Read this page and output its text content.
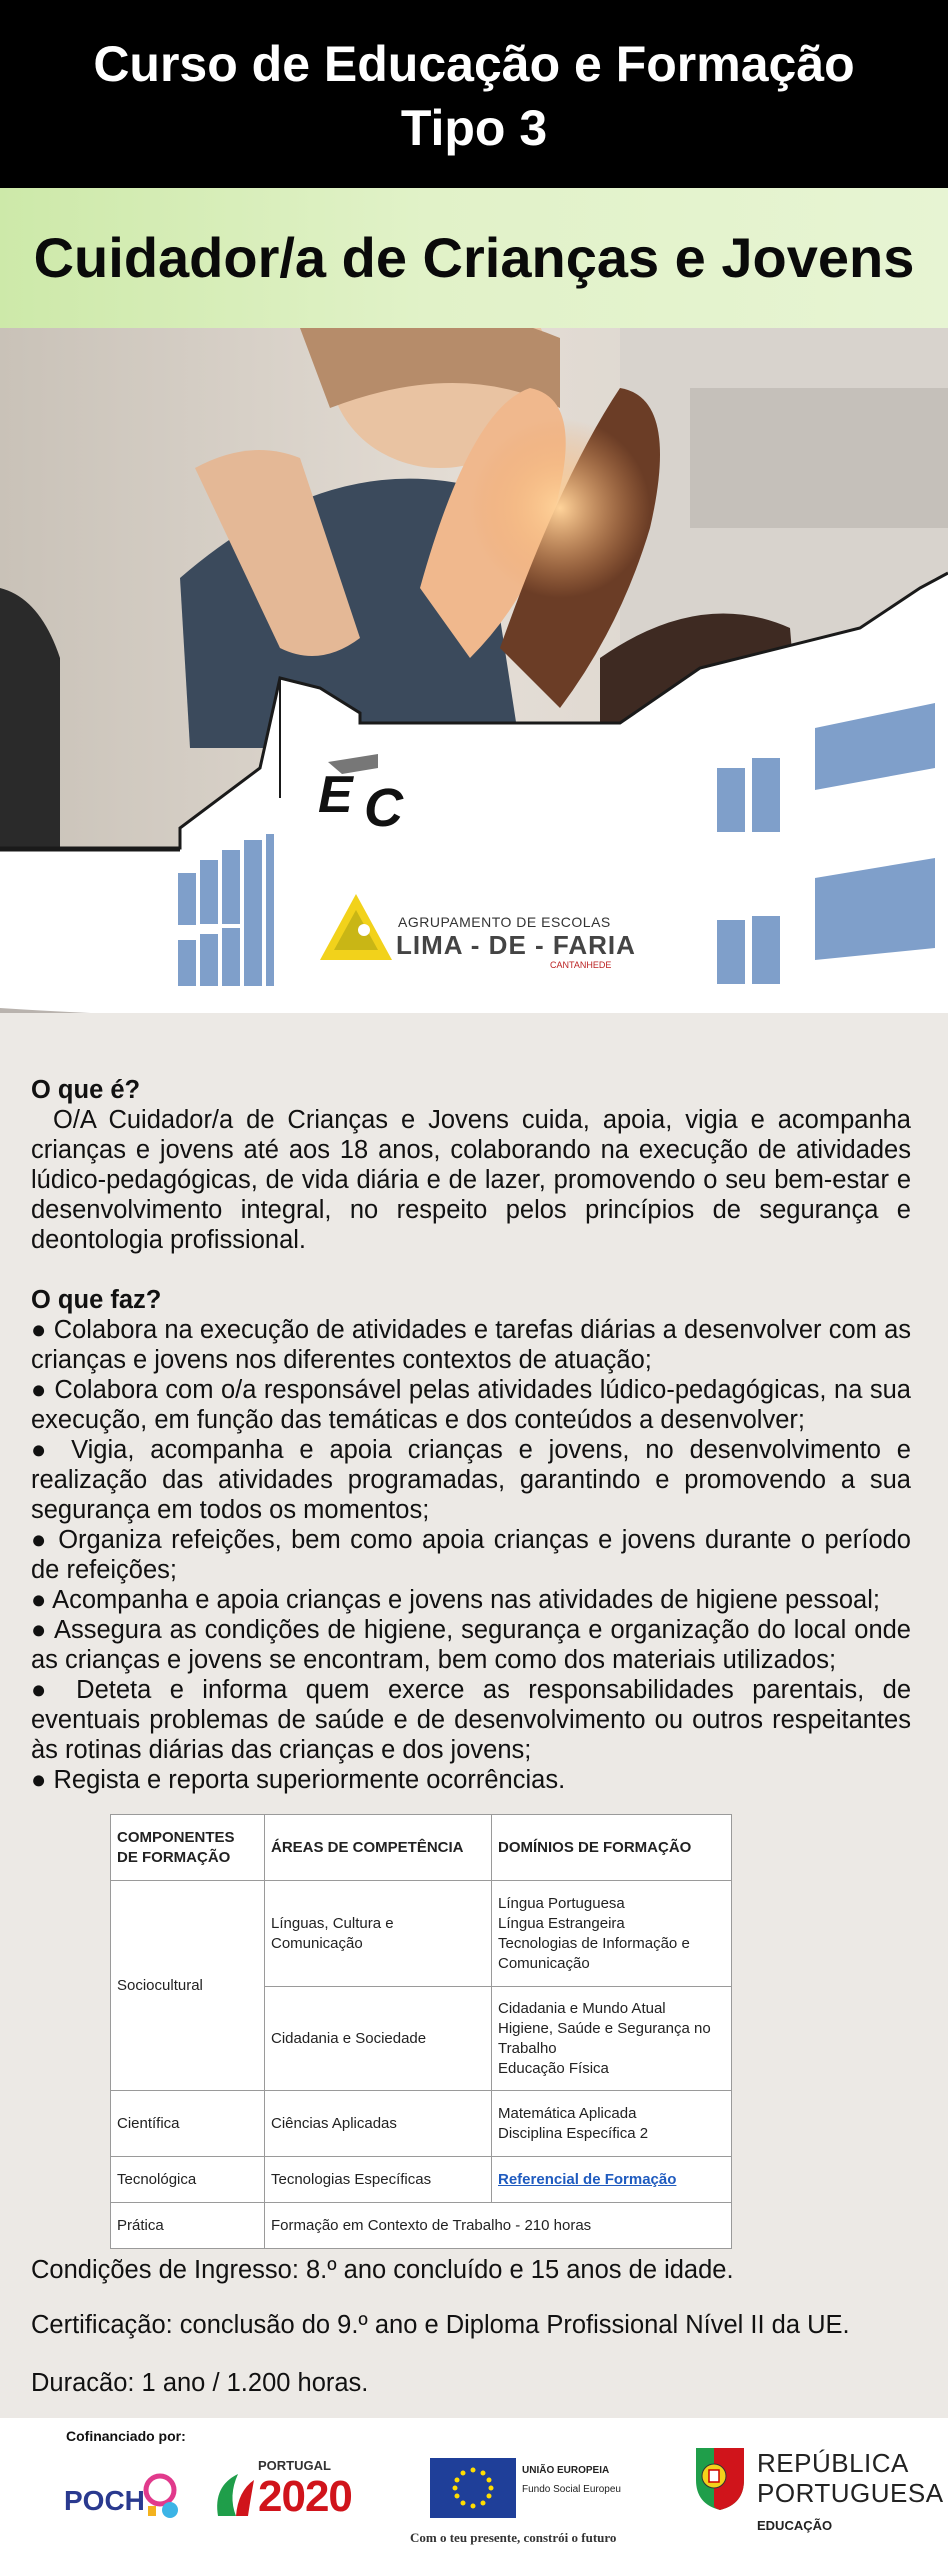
Curso de Educação e Formação
Tipo 3
Cuidador/a de Crianças e Jovens
E C
AGRUPAMENTO DE ESCOLAS
LIMA - DE - FARIA
CANTANHEDE
O que é?

O/A Cuidador/a de Crianças e Jovens cuida, apoia, vigia e acompanha crianças e jovens até aos 18 anos, colaborando na execução de atividades lúdico-pedagógicas, de vida diária e de lazer, promovendo o seu bem-estar e desenvolvimento integral, no respeito pelos princípios de segurança e deontologia profissional.

O que faz?

● Colabora na execução de atividades e tarefas diárias a desenvolver com as crianças e jovens nos diferentes contextos de atuação;

● Colabora com o/a responsável pelas atividades lúdico-pedagógicas, na sua execução, em função das temáticas e dos conteúdos a desenvolver;

● Vigia, acompanha e apoia crianças e jovens, no desenvolvimento e realização das atividades programadas, garantindo e promovendo a sua segurança em todos os momentos;

● Organiza refeições, bem como apoia crianças e jovens durante o período de refeições;

● Acompanha e apoia crianças e jovens nas atividades de higiene pessoal;

● Assegura as condições de higiene, segurança e organização do local onde as crianças e jovens se encontram, bem como dos materiais utilizados;

● Deteta e informa quem exerce as responsabilidades parentais, de eventuais problemas de saúde e de desenvolvimento ou outros respeitantes às rotinas diárias das crianças e dos jovens;

● Regista e reporta superiormente ocorrências.

COMPONENTES DE FORMAÇÃO	ÁREAS DE COMPETÊNCIA	DOMÍNIOS DE FORMAÇÃO
Sociocultural	Línguas, Cultura e Comunicação	Língua Portuguesa
Língua Estrangeira
Tecnologias de Informação e Comunicação

	Cidadania e Sociedade	Cidadania e Mundo Atual
Higiene, Saúde e Segurança no Trabalho
Educação Física

Científica	Ciências Aplicadas	Matemática Aplicada
Disciplina Específica 2

Tecnológica	Tecnologias Específicas	Referencial de Formação
Prática	Formação em Contexto de Trabalho - 210 horas	
Condições de Ingresso: 8.º ano concluído e 15 anos de idade.
Certificação: conclusão do 9.º ano e Diploma Profissional Nível II da UE.
Duracão: 1 ano / 1.200 horas.
Cofinanciado por:
POCH
PORTUGAL
2020
UNIÃO EUROPEIA
Fundo Social Europeu
Com o teu presente, constrói o futuro
REPÚBLICA
PORTUGUESA
EDUCAÇÃO
